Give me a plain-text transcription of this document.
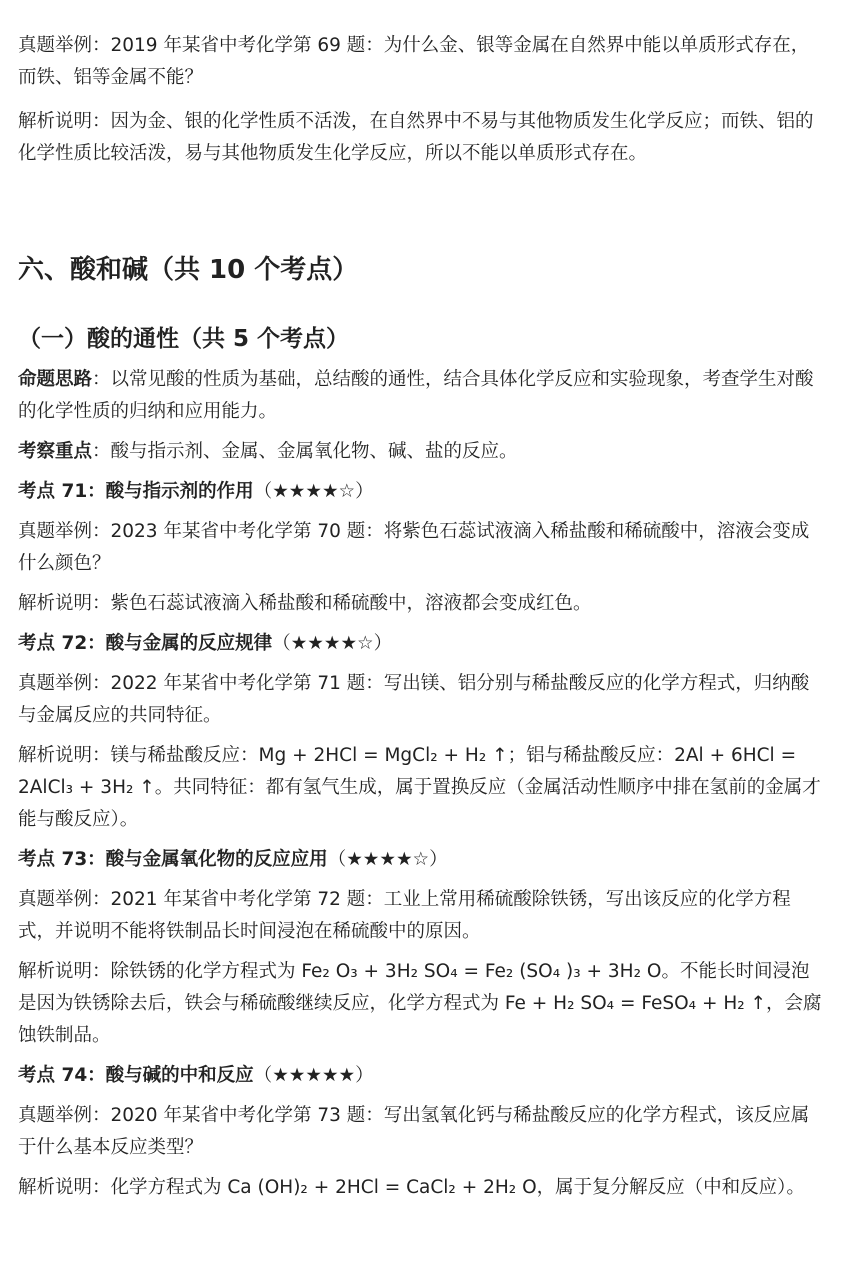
真题举例：2019 年某省中考化学第 69 题：为什么金、银等金属在自然界中能以单质形式存在，而铁、铝等金属不能？

解析说明：因为金、银的化学性质不活泼，在自然界中不易与其他物质发生化学反应；而铁、铝的化学性质比较活泼，易与其他物质发生化学反应，所以不能以单质形式存在。

六、酸和碱（共 10 个考点）
（一）酸的通性（共 5 个考点）

命题思路：以常见酸的性质为基础，总结酸的通性，结合具体化学反应和实验现象，考查学生对酸的化学性质的归纳和应用能力。

考察重点：酸与指示剂、金属、金属氧化物、碱、盐的反应。

考点 71：酸与指示剂的作用（★★★★☆）

真题举例：2023 年某省中考化学第 70 题：将紫色石蕊试液滴入稀盐酸和稀硫酸中，溶液会变成什么颜色？

解析说明：紫色石蕊试液滴入稀盐酸和稀硫酸中，溶液都会变成红色。

考点 72：酸与金属的反应规律（★★★★☆）

真题举例：2022 年某省中考化学第 71 题：写出镁、铝分别与稀盐酸反应的化学方程式，归纳酸与金属反应的共同特征。

解析说明：镁与稀盐酸反应：Mg + 2HCl = MgCl₂ + H₂ ↑；铝与稀盐酸反应：2Al + 6HCl = 2AlCl₃ + 3H₂ ↑。共同特征：都有氢气生成，属于置换反应（金属活动性顺序中排在氢前的金属才能与酸反应）。

考点 73：酸与金属氧化物的反应应用（★★★★☆）

真题举例：2021 年某省中考化学第 72 题：工业上常用稀硫酸除铁锈，写出该反应的化学方程式，并说明不能将铁制品长时间浸泡在稀硫酸中的原因。

解析说明：除铁锈的化学方程式为 Fe₂ O₃ + 3H₂ SO₄ = Fe₂ (SO₄ )₃ + 3H₂ O。不能长时间浸泡是因为铁锈除去后，铁会与稀硫酸继续反应，化学方程式为 Fe + H₂ SO₄ = FeSO₄ + H₂ ↑，会腐蚀铁制品。

考点 74：酸与碱的中和反应（★★★★★）

真题举例：2020 年某省中考化学第 73 题：写出氢氧化钙与稀盐酸反应的化学方程式，该反应属于什么基本反应类型？

解析说明：化学方程式为 Ca (OH)₂ + 2HCl = CaCl₂ + 2H₂ O，属于复分解反应（中和反应）。
